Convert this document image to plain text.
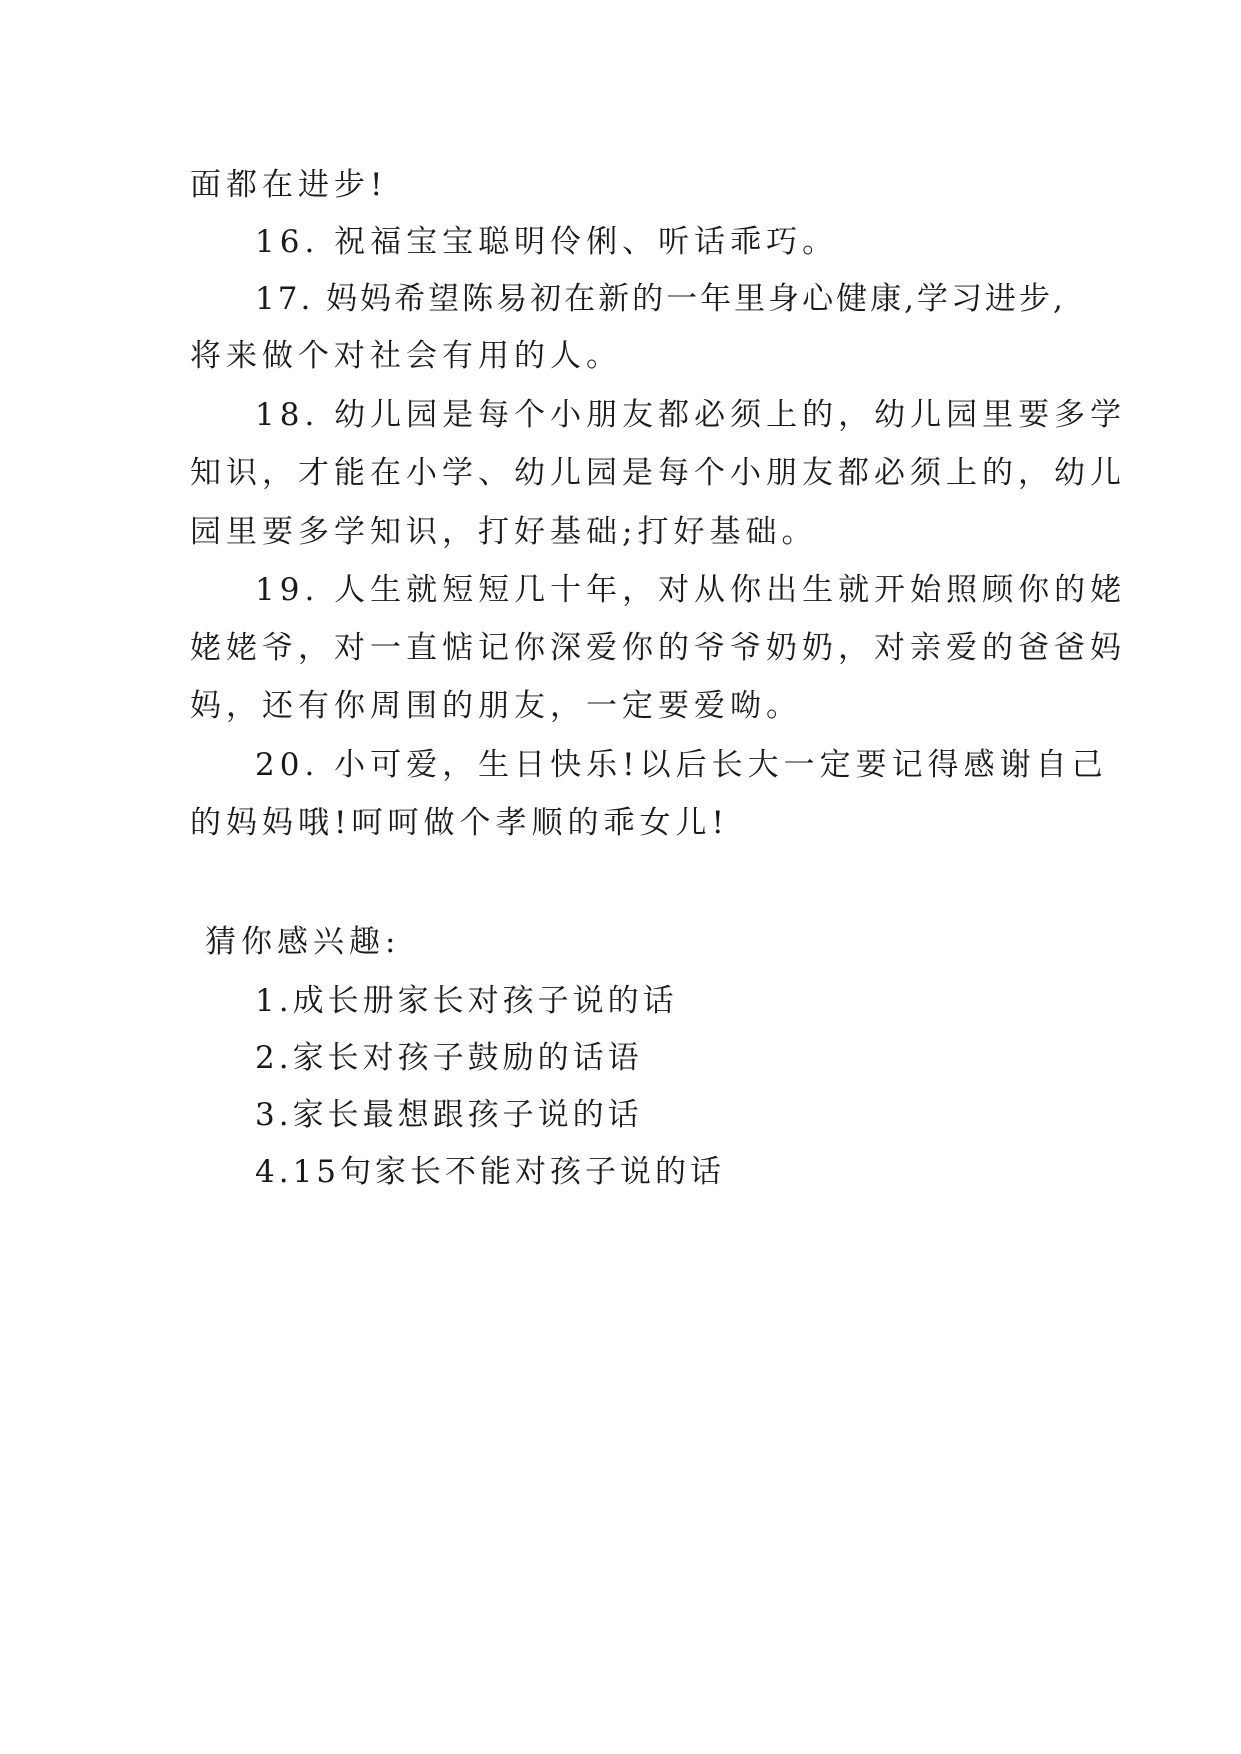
面都在进步!
16. 祝福宝宝聪明伶俐、听话乖巧。
17. 妈妈希望陈易初在新的一年里身心健康,学习进步,
将来做个对社会有用的人。
18. 幼儿园是每个小朋友都必须上的，幼儿园里要多学
知识，才能在小学、幼儿园是每个小朋友都必须上的，幼儿
园里要多学知识，打好基础;打好基础。
19. 人生就短短几十年，对从你出生就开始照顾你的姥
姥姥爷，对一直惦记你深爱你的爷爷奶奶，对亲爱的爸爸妈
妈，还有你周围的朋友，一定要爱呦。
20. 小可爱，生日快乐!以后长大一定要记得感谢自己
的妈妈哦!呵呵做个孝顺的乖女儿!
猜你感兴趣:
1.成长册家长对孩子说的话
2.家长对孩子鼓励的话语
3.家长最想跟孩子说的话
4.15句家长不能对孩子说的话
